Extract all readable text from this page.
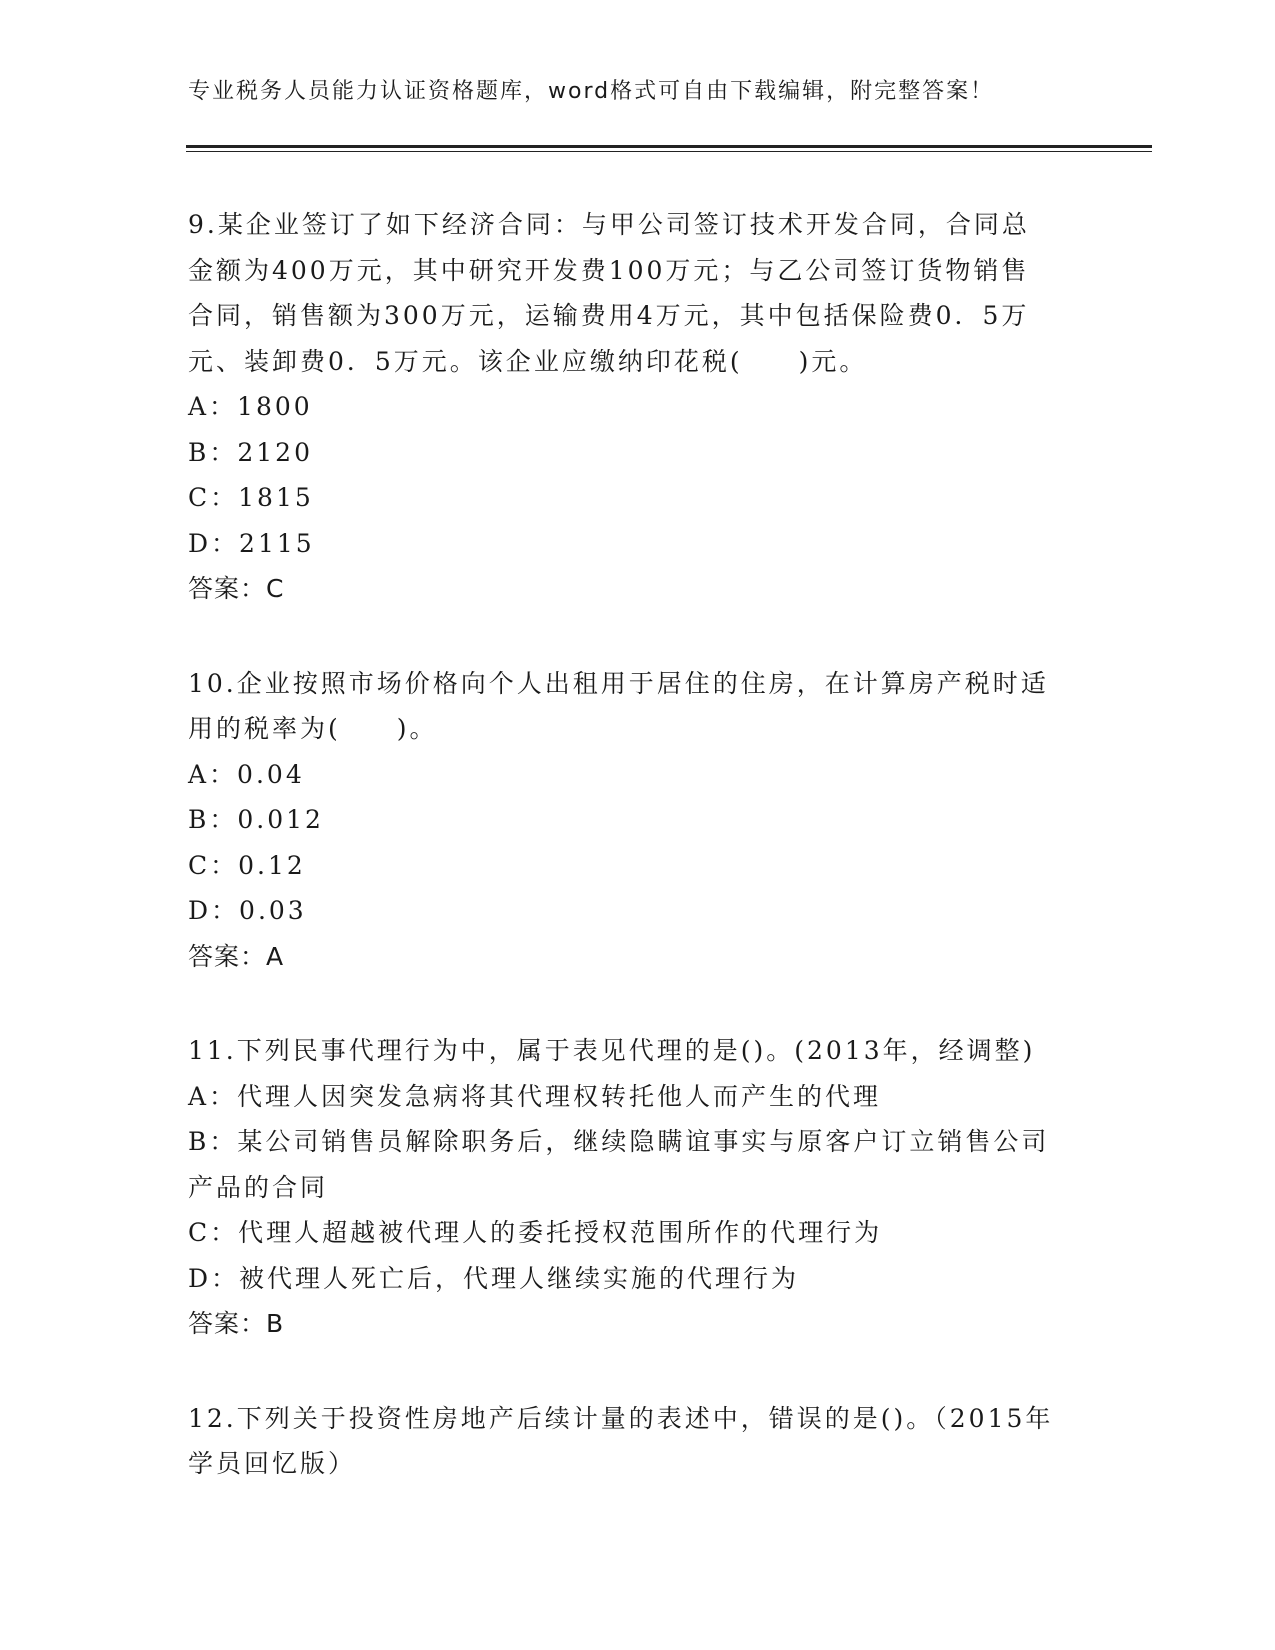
专业税务人员能力认证资格题库，word格式可自由下载编辑，附完整答案！
9.某企业签订了如下经济合同：与甲公司签订技术开发合同，合同总
金额为400万元，其中研究开发费100万元；与乙公司签订货物销售
合同，销售额为300万元，运输费用4万元，其中包括保险费0．5万
元、装卸费0．5万元。该企业应缴纳印花税(　　)元。
A：1800
B：2120
C：1815
D：2115
答案：C
10.企业按照市场价格向个人出租用于居住的住房，在计算房产税时适
用的税率为(　　)。
A：0.04
B：0.012
C：0.12
D：0.03
答案：A
11.下列民事代理行为中，属于表见代理的是()。(2013年，经调整)
A：代理人因突发急病将其代理权转托他人而产生的代理
B：某公司销售员解除职务后，继续隐瞒谊事实与原客户订立销售公司
产品的合同
C：代理人超越被代理人的委托授权范围所作的代理行为
D：被代理人死亡后，代理人继续实施的代理行为
答案：B
12.下列关于投资性房地产后续计量的表述中，错误的是()。（2015年
学员回忆版）
